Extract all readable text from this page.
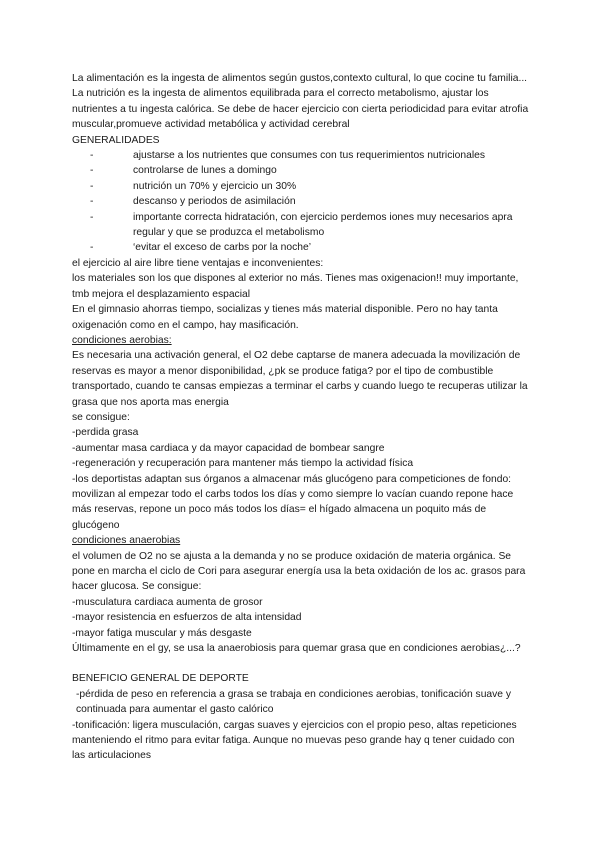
La alimentación es la ingesta de alimentos según gustos,contexto cultural, lo que cocine tu familia... La nutrición es la ingesta de alimentos equilibrada para el correcto metabolismo, ajustar los nutrientes a tu ingesta calórica. Se debe de hacer ejercicio con cierta periodicidad para evitar atrofia muscular,promueve actividad metabólica y actividad cerebral

GENERALIDADES

- ajustarse a los nutrientes que consumes con tus requerimientos nutricionales
- controlarse de lunes a domingo
- nutrición un 70% y ejercicio un 30%
- descanso y periodos de asimilación
- importante correcta hidratación, con ejercicio perdemos iones muy necesarios apra regular y que se produzca el metabolismo
- ‘evitar el exceso de carbs por la noche’

el ejercicio al aire libre tiene ventajas e inconvenientes:

los materiales son los que dispones al exterior no más. Tienes mas oxigenacion!! muy importante, tmb mejora el desplazamiento espacial

En el gimnasio ahorras tiempo, socializas y tienes más material disponible. Pero no hay tanta oxigenación como en el campo, hay masificación.

condiciones aerobias:

Es necesaria una activación general, el O2 debe captarse de manera adecuada la movilización de reservas es mayor a menor disponibilidad, ¿pk se produce fatiga? por el tipo de combustible transportado, cuando te cansas empiezas a terminar el carbs y cuando luego te recuperas utilizar la grasa que nos aporta mas energia

se consigue:

-perdida grasa

-aumentar masa cardiaca y da mayor capacidad de bombear sangre

-regeneración y recuperación para mantener más tiempo la actividad física

-los deportistas adaptan sus órganos a almacenar más glucógeno para competiciones de fondo: movilizan al empezar todo el carbs todos los días y como siempre lo vacían cuando repone hace más reservas, repone un poco más todos los días= el hígado almacena un poquito más de glucógeno

condiciones anaerobias

el volumen de O2 no se ajusta a la demanda y no se produce oxidación de materia orgánica. Se pone en marcha el ciclo de Cori para asegurar energía usa la beta oxidación de los ac. grasos para hacer glucosa. Se consigue:

-musculatura cardiaca aumenta de grosor

-mayor resistencia en esfuerzos de alta intensidad

-mayor fatiga muscular y más desgaste

Últimamente en el gy, se usa la anaerobiosis para quemar grasa que en condiciones aerobias¿...?

BENEFICIO GENERAL DE DEPORTE

-pérdida de peso en referencia a grasa se trabaja en condiciones aerobias, tonificación suave y continuada para aumentar el gasto calórico

-tonificación: ligera musculación, cargas suaves y ejercicios con el propio peso, altas repeticiones manteniendo el ritmo para evitar fatiga. Aunque no muevas peso grande hay q tener cuidado con las articulaciones
